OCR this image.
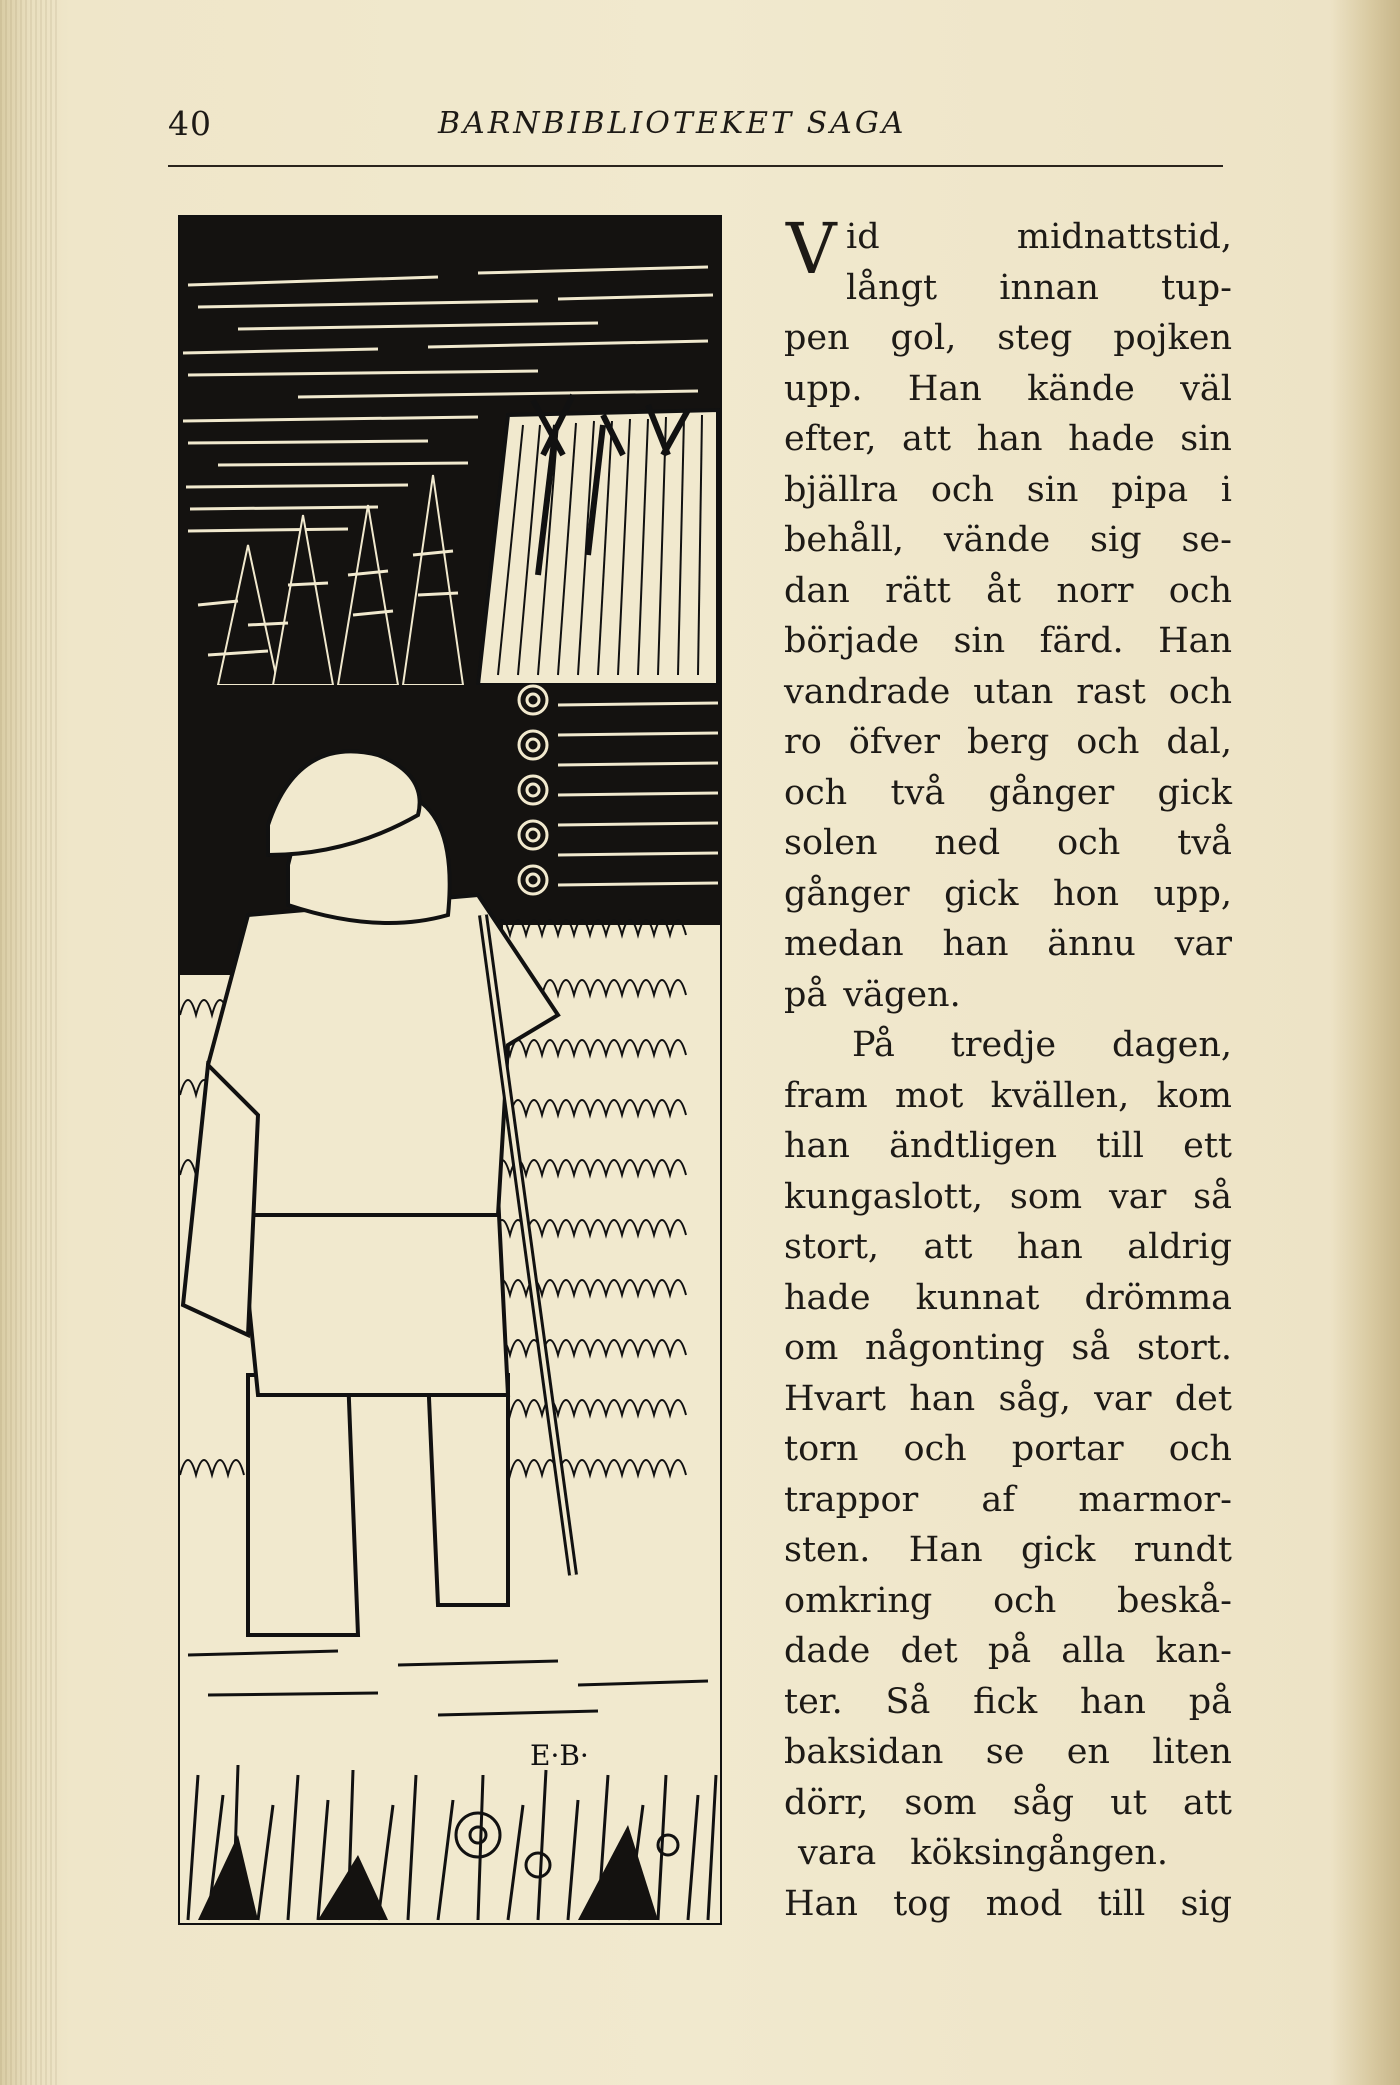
40	BARNBIBLIOTEKET SAGA
E·B·
V id	midnattstid,
långt innan tup-
pen gol, steg pojken
upp. Han kände väl
efter, att han hade sin
bjällra och sin pipa i
behåll, vände sig se-
dan rätt åt norr och
började sin färd. Han
vandrade utan rast och
ro öfver berg och dal,
och två gånger gick
solen ned och två
gånger gick hon upp,
medan han ännu var
på vägen.
På tredje dagen,
fram mot kvällen, kom
han ändtligen till ett
kungaslott, som var så
stort, att han aldrig
hade kunnat drömma
om någonting så stort.
Hvart han såg, var det
torn och portar och
trappor af marmor-
sten. Han gick rundt
omkring och beskå-
dade det på alla kan-
ter. Så fick han på
baksidan se en liten
dörr, som såg ut att
vara köksingången.
Han tog mod till sig
